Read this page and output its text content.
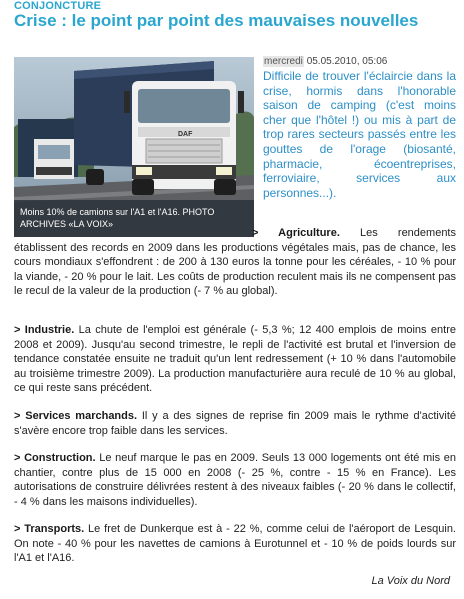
CONJONCTURE
Crise : le point par point des mauvaises nouvelles
DAF
Moins 10% de camions sur l'A1 et l'A16. PHOTO ARCHIVES «LA VOIX»
mercredi 05.05.2010, 05:06

Difficile de trouver l'éclaircie dans la crise, hormis dans l'honorable saison de camping (c'est moins cher que l'hôtel !) ou mis à part de trop rares secteurs passés entre les gouttes de l'orage (biosanté, pharmacie, écoentreprises, ferroviaire, services aux personnes...).

> Agriculture. Les rendements établissent des records en 2009 dans les productions végétales mais, pas de chance, les cours mondiaux s'effondrent : de 200 à 130 euros la tonne pour les céréales, - 10 % pour la viande, - 20 % pour le lait. Les coûts de production reculent mais ils ne compensent pas le recul de la valeur de la production (- 7 % au global).

> Industrie. La chute de l'emploi est générale (- 5,3 %; 12 400 emplois de moins entre 2008 et 2009). Jusqu'au second trimestre, le repli de l'activité est brutal et l'inversion de tendance constatée ensuite ne traduit qu'un lent redressement (+ 10 % dans l'automobile au troisième trimestre 2009). La production manufacturière aura reculé de 10 % au global, ce qui reste sans précédent.

> Services marchands. Il y a des signes de reprise fin 2009 mais le rythme d'activité s'avère encore trop faible dans les services.

> Construction. Le neuf marque le pas en 2009. Seuls 13 000 logements ont été mis en chantier, contre plus de 15 000 en 2008 (- 25 %, contre - 15 % en France). Les autorisations de construire délivrées restent à des niveaux faibles (- 20 % dans le collectif, - 4 % dans les maisons individuelles).

> Transports. Le fret de Dunkerque est à - 22 %, comme celui de l'aéroport de Lesquin. On note - 40 % pour les navettes de camions à Eurotunnel et - 10 % de poids lourds sur l'A1 et l'A16.

La Voix du Nord
